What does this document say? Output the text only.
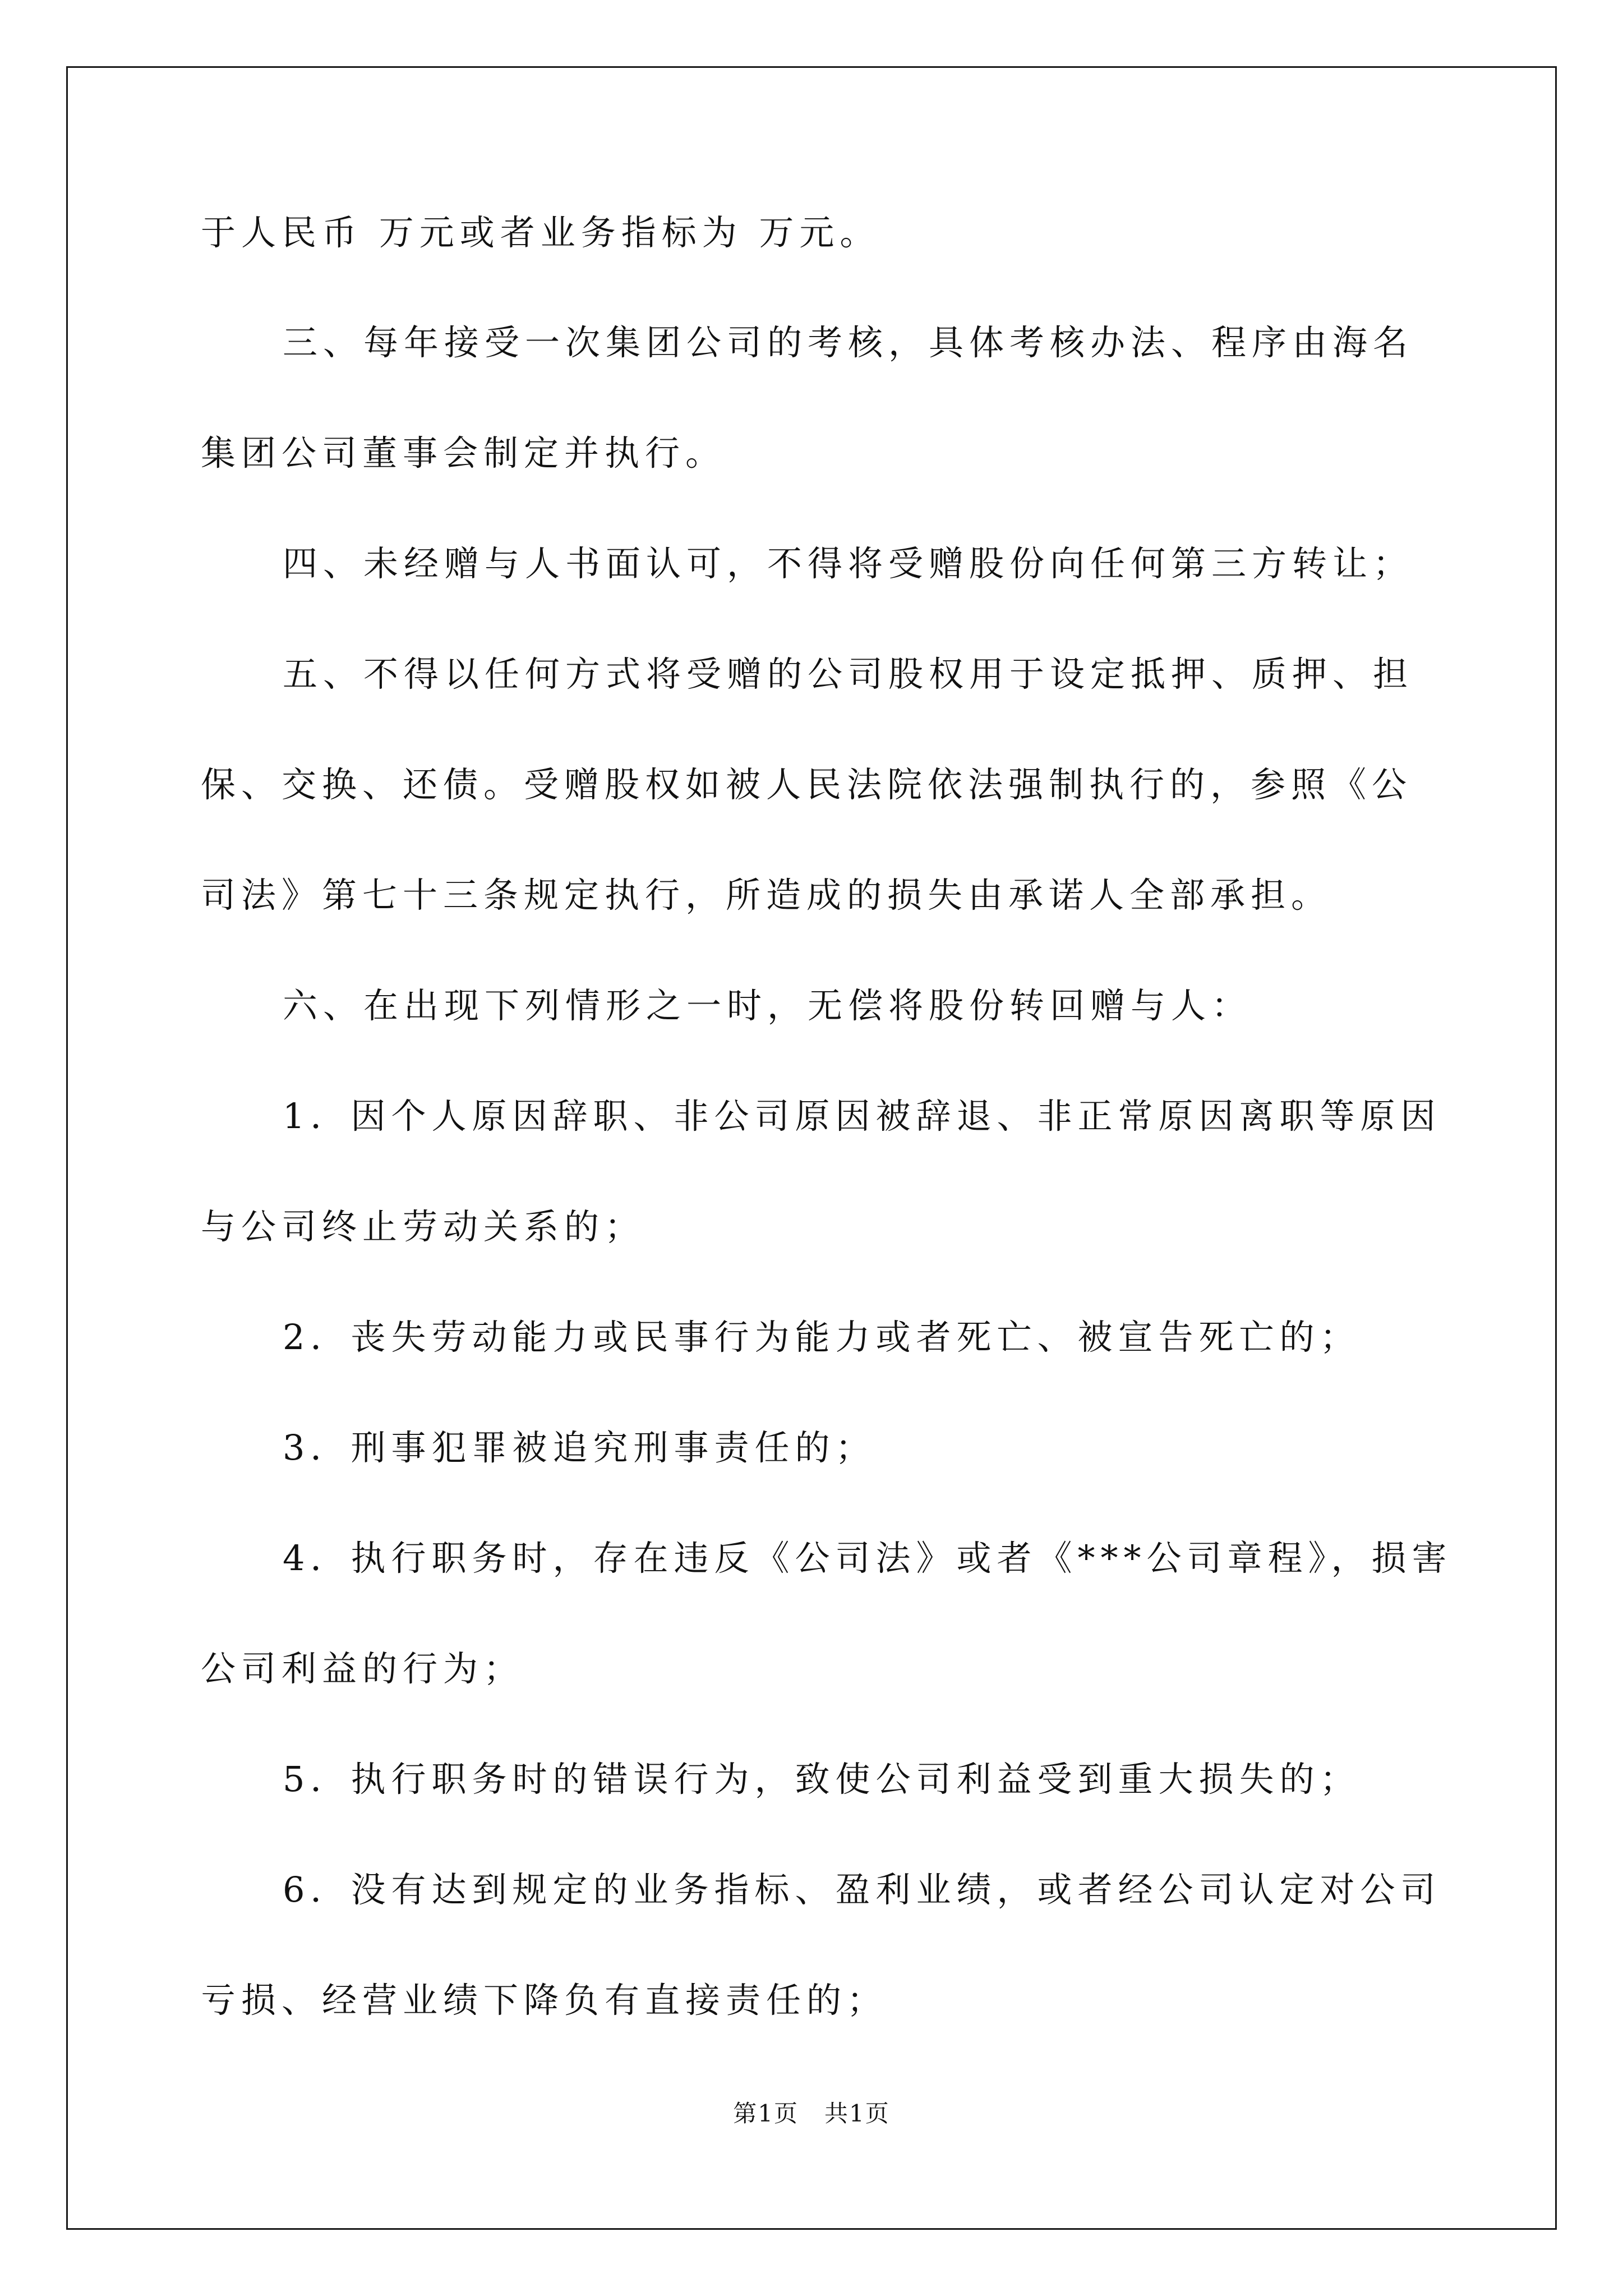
于人民币 万元或者业务指标为 万元。
三、每年接受一次集团公司的考核，具体考核办法、程序由海名
集团公司董事会制定并执行。
四、未经赠与人书面认可，不得将受赠股份向任何第三方转让；
五、不得以任何方式将受赠的公司股权用于设定抵押、质押、担
保、交换、还债。受赠股权如被人民法院依法强制执行的，参照《公
司法》第七十三条规定执行，所造成的损失由承诺人全部承担。
六、在出现下列情形之一时，无偿将股份转回赠与人：
1．因个人原因辞职、非公司原因被辞退、非正常原因离职等原因
与公司终止劳动关系的；
2．丧失劳动能力或民事行为能力或者死亡、被宣告死亡的；
3．刑事犯罪被追究刑事责任的；
4．执行职务时，存在违反《公司法》或者《***公司章程》，损害
公司利益的行为；
5．执行职务时的错误行为，致使公司利益受到重大损失的；
6．没有达到规定的业务指标、盈利业绩，或者经公司认定对公司
亏损、经营业绩下降负有直接责任的；
第1页   共1页
